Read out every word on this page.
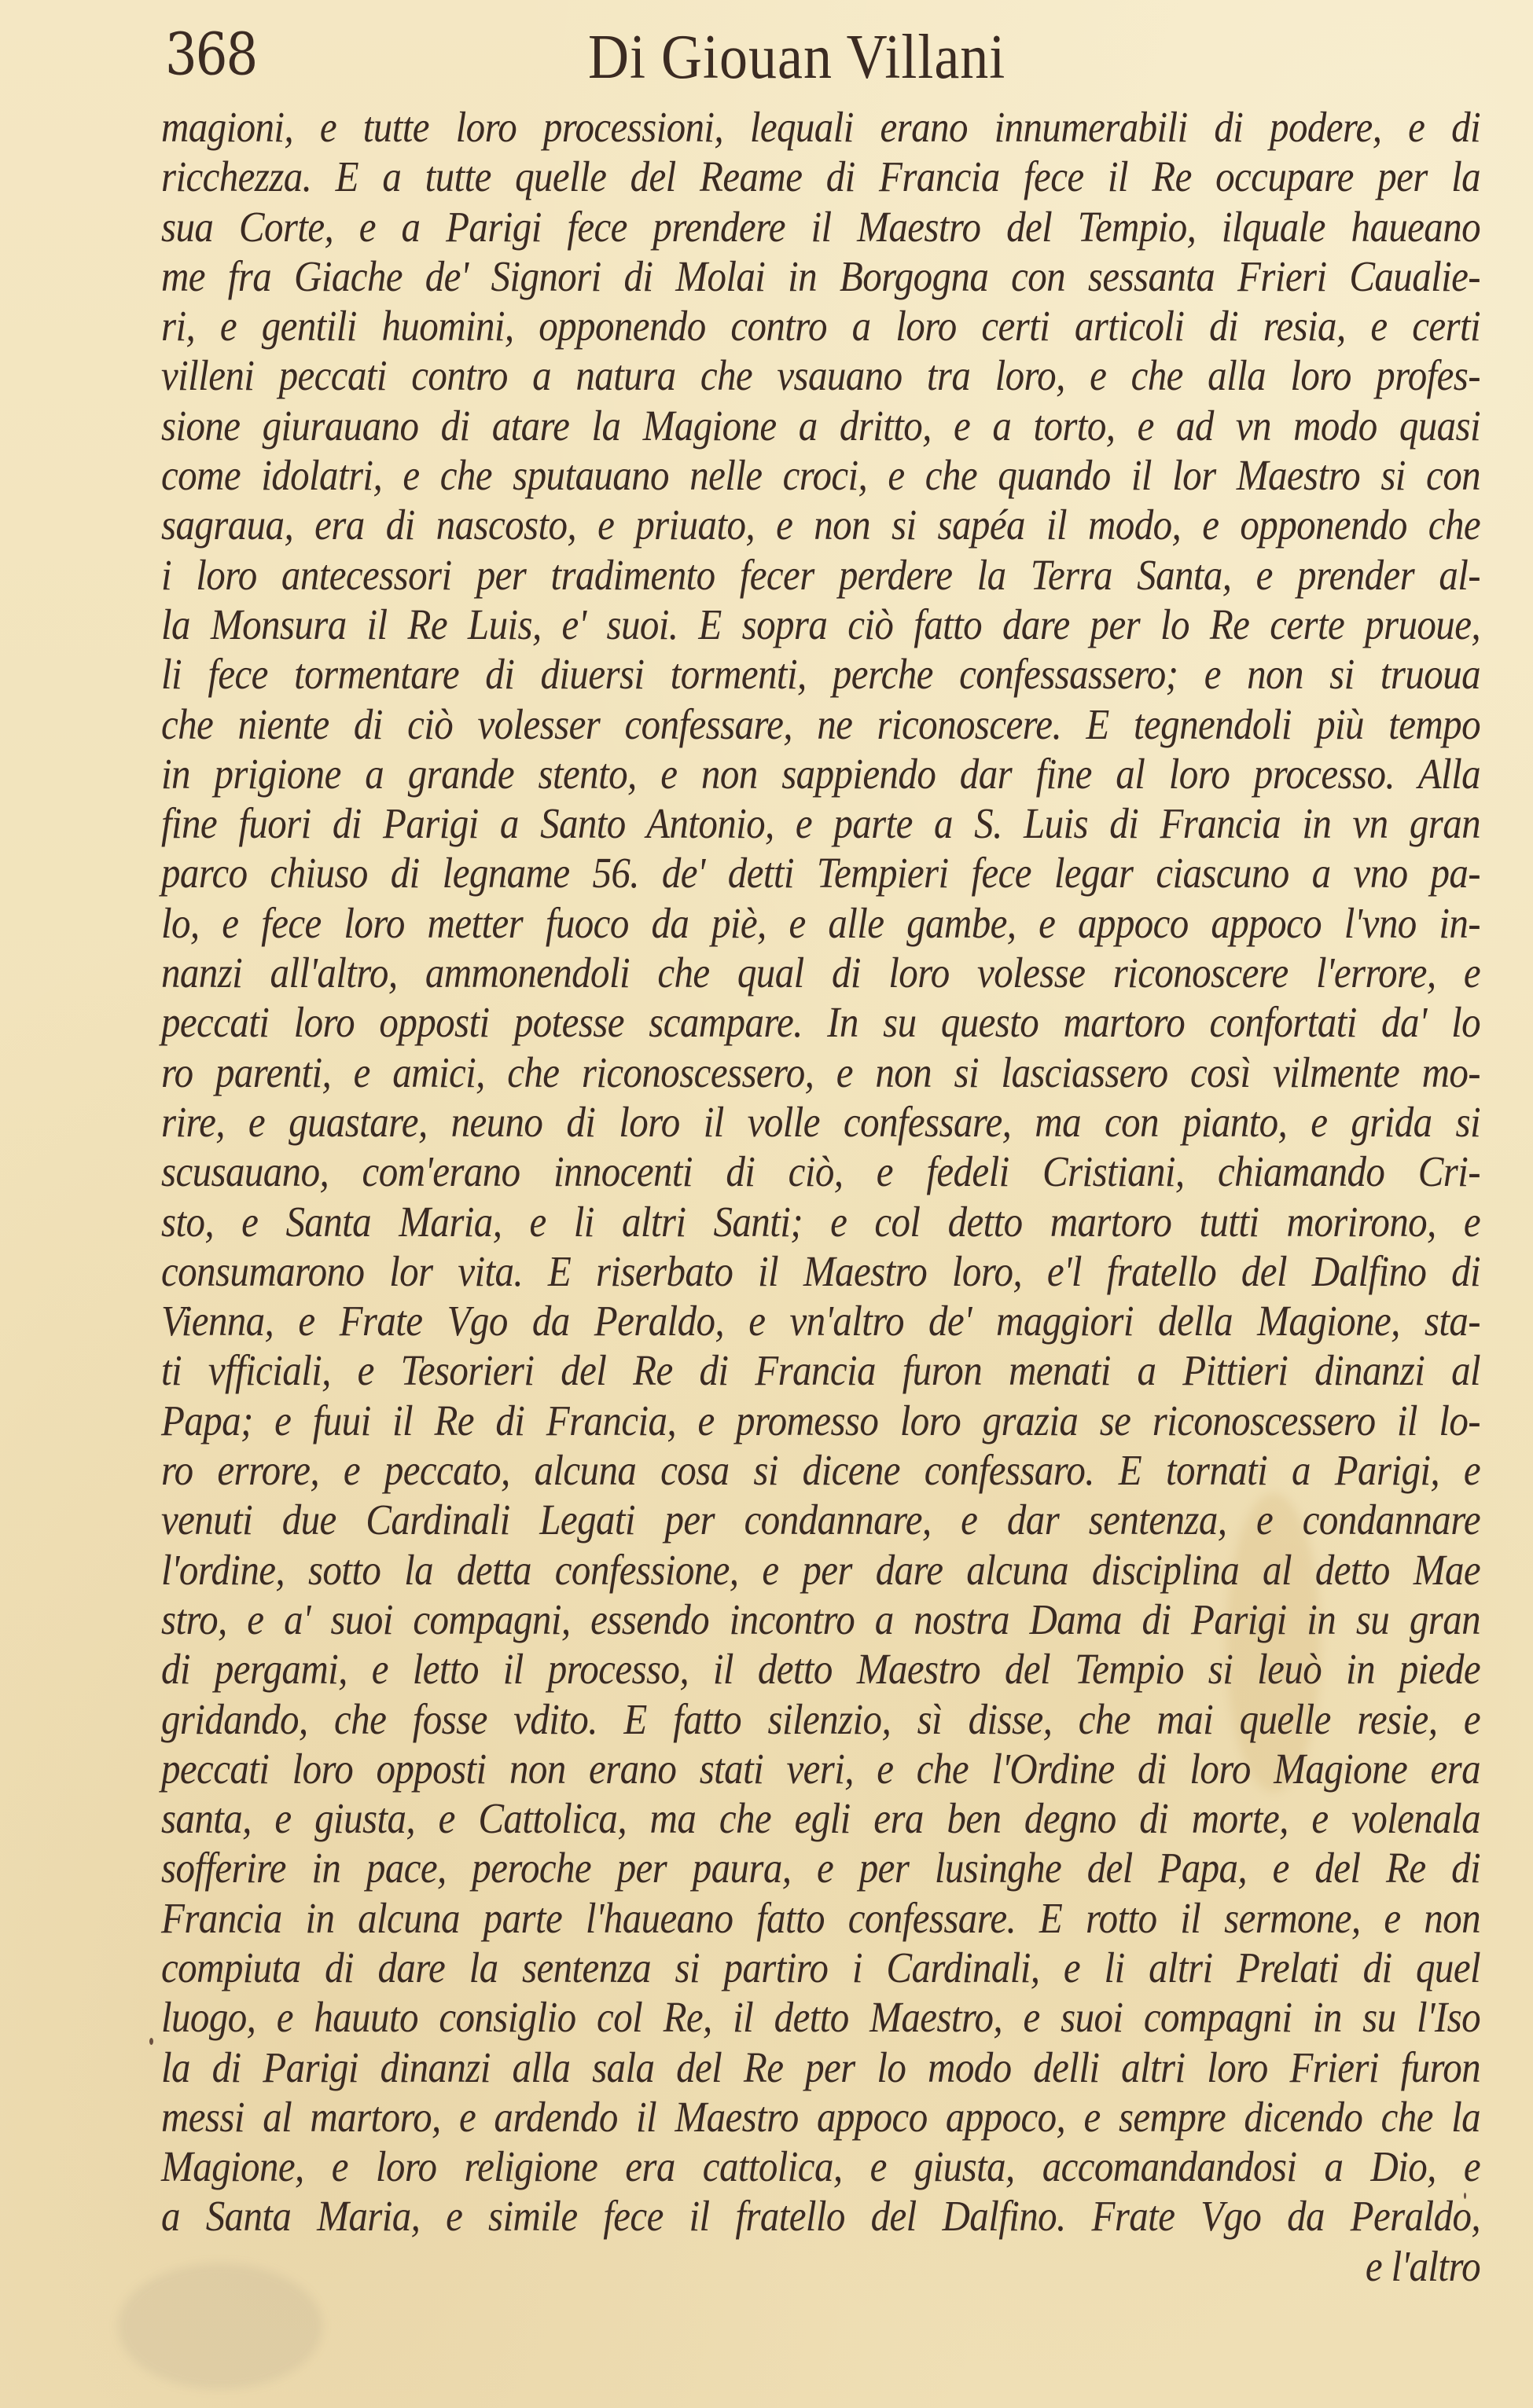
368	Di Giouan Villani
magioni, e tutte loro processioni, lequali erano innumerabili di podere, e di
ricchezza. E a tutte quelle del Reame di Francia fece il Re occupare per la
sua Corte, e a Parigi fece prendere il Maestro del Tempio, ilquale haueano
me fra Giache de' Signori di Molai in Borgogna con sessanta Frieri Caualie-
ri, e gentili huomini, opponendo contro a loro certi articoli di resia, e certi
villeni peccati contro a natura che vsauano tra loro, e che alla loro profes-
sione giurauano di atare la Magione a dritto, e a torto, e ad vn modo quasi
come idolatri, e che sputauano nelle croci, e che quando il lor Maestro si con
sagraua, era di nascosto, e priuato, e non si sapéa il modo, e opponendo che
i loro antecessori per tradimento fecer perdere la Terra Santa, e prender al-
la Monsura il Re Luis, e' suoi. E sopra ciò fatto dare per lo Re certe pruoue,
li fece tormentare di diuersi tormenti, perche confessassero; e non si truoua
che niente di ciò volesser confessare, ne riconoscere. E tegnendoli più tempo
in prigione a grande stento, e non sappiendo dar fine al loro processo. Alla
fine fuori di Parigi a Santo Antonio, e parte a S. Luis di Francia in vn gran
parco chiuso di legname 56. de' detti Tempieri fece legar ciascuno a vno pa-
lo, e fece loro metter fuoco da piè, e alle gambe, e appoco appoco l'vno in-
nanzi all'altro, ammonendoli che qual di loro volesse riconoscere l'errore, e
peccati loro opposti potesse scampare. In su questo martoro confortati da' lo
ro parenti, e amici, che riconoscessero, e non si lasciassero così vilmente mo-
rire, e guastare, neuno di loro il volle confessare, ma con pianto, e grida si
scusauano, com'erano innocenti di ciò, e fedeli Cristiani, chiamando Cri-
sto, e Santa Maria, e li altri Santi; e col detto martoro tutti morirono, e
consumarono lor vita. E riserbato il Maestro loro, e'l fratello del Dalfino di
Vienna, e Frate Vgo da Peraldo, e vn'altro de' maggiori della Magione, sta-
ti vfficiali, e Tesorieri del Re di Francia furon menati a Pittieri dinanzi al
Papa; e fuui il Re di Francia, e promesso loro grazia se riconoscessero il lo-
ro errore, e peccato, alcuna cosa si dicene confessaro. E tornati a Parigi, e
venuti due Cardinali Legati per condannare, e dar sentenza, e condannare
l'ordine, sotto la detta confessione, e per dare alcuna disciplina al detto Mae
stro, e a' suoi compagni, essendo incontro a nostra Dama di Parigi in su gran
di pergami, e letto il processo, il detto Maestro del Tempio si leuò in piede
gridando, che fosse vdito. E fatto silenzio, sì disse, che mai quelle resie, e
peccati loro opposti non erano stati veri, e che l'Ordine di loro Magione era
santa, e giusta, e Cattolica, ma che egli era ben degno di morte, e volenala
sofferire in pace, peroche per paura, e per lusinghe del Papa, e del Re di
Francia in alcuna parte l'haueano fatto confessare. E rotto il sermone, e non
compiuta di dare la sentenza si partiro i Cardinali, e li altri Prelati di quel
luogo, e hauuto consiglio col Re, il detto Maestro, e suoi compagni in su l'Iso
la di Parigi dinanzi alla sala del Re per lo modo delli altri loro Frieri furon
messi al martoro, e ardendo il Maestro appoco appoco, e sempre dicendo che la
Magione, e loro religione era cattolica, e giusta, accomandandosi a Dio, e
a Santa Maria, e simile fece il fratello del Dalfino. Frate Vgo da Peraldo,
e l'altro
